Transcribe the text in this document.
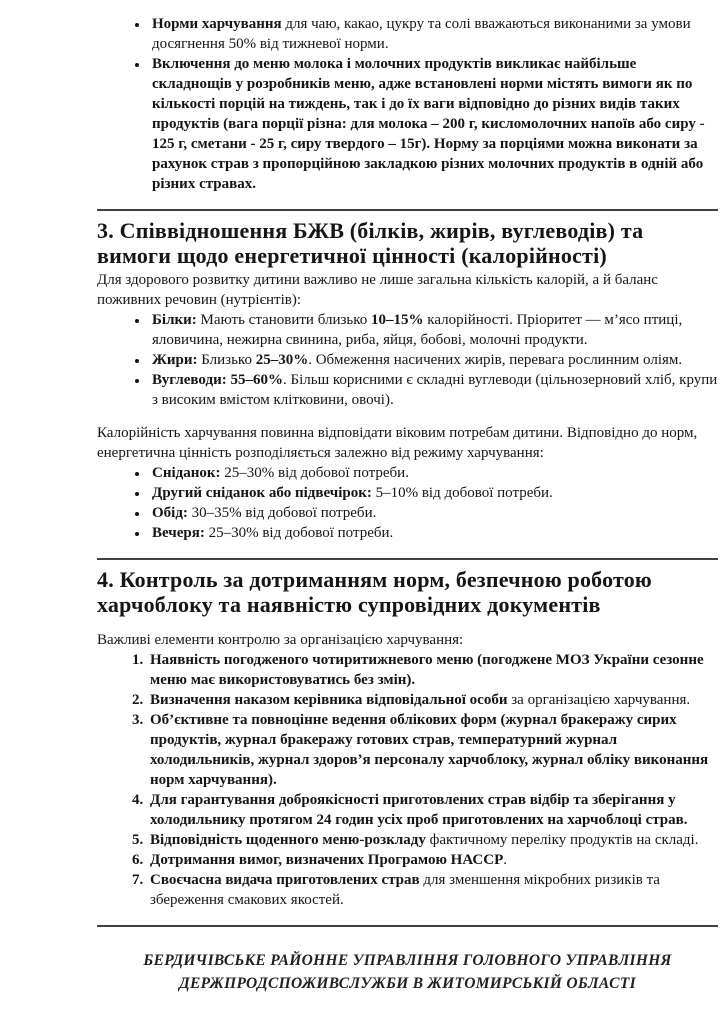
• Норми харчування для чаю, какао, цукру та солі вважаються виконаними за умови досягнення 50% від тижневої норми.
• Включення до меню молока і молочних продуктів викликає найбільше складнощів у розробників меню, адже встановлені норми містять вимоги як по кількості порцій на тиждень, так і до їх ваги відповідно до різних видів таких продуктів (вага порції різна: для молока – 200 г, кисломолочних напоїв або сиру - 125 г, сметани - 25 г, сиру твердого – 15г). Норму за порціями можна виконати за рахунок страв з пропорційною закладкою різних молочних продуктів в одній або різних стравах.
3. Співвідношення БЖВ (білків, жирів, вуглеводів) та вимоги щодо енергетичної цінності (калорійності)

Для здорового розвитку дитини важливо не лише загальна кількість калорій, а й баланс поживних речовин (нутрієнтів):

• Білки: Мають становити близько 10–15% калорійності. Пріоритет — м’ясо птиці, яловичина, нежирна свинина, риба, яйця, бобові, молочні продукти.
• Жири: Близько 25–30%. Обмеження насичених жирів, перевага рослинним оліям.
• Вуглеводи: 55–60%. Більш корисними є складні вуглеводи (цільнозерновий хліб, крупи з високим вмістом клітковини, овочі).

Калорійність харчування повинна відповідати віковим потребам дитини. Відповідно до норм, енергетична цінність розподіляється залежно від режиму харчування:

• Сніданок: 25–30% від добової потреби.
• Другий сніданок або підвечірок: 5–10% від добової потреби.
• Обід: 30–35% від добової потреби.
• Вечеря: 25–30% від добової потреби.
4. Контроль за дотриманням норм, безпечною роботою харчоблоку та наявністю супровідних документів

Важливі елементи контролю за організацією харчування:

1. Наявність погодженого чотиритижневого меню (погоджене МОЗ України сезонне меню має використовуватись без змін).
2. Визначення наказом керівника відповідальної особи за організацією харчування.
3. Об’єктивне та повноцінне ведення облікових форм (журнал бракеражу сирих продуктів, журнал бракеражу готових страв, температурний журнал холодильників, журнал здоров’я персоналу харчоблоку, журнал обліку виконання норм харчування).
4. Для гарантування доброякісності приготовлених страв відбір та зберігання у холодильнику протягом 24 годин усіх проб приготовлених на харчоблоці страв.
5. Відповідність щоденного меню-розкладу фактичному переліку продуктів на складі.
6. Дотримання вимог, визначених Програмою НАССР.
7. Своєчасна видача приготовлених страв для зменшення мікробних ризиків та збереження смакових якостей.
БЕРДИЧІВСЬКЕ РАЙОННЕ УПРАВЛІННЯ ГОЛОВНОГО УПРАВЛІННЯ
ДЕРЖПРОДСПОЖИВСЛУЖБИ В ЖИТОМИРСЬКІЙ ОБЛАСТІ
